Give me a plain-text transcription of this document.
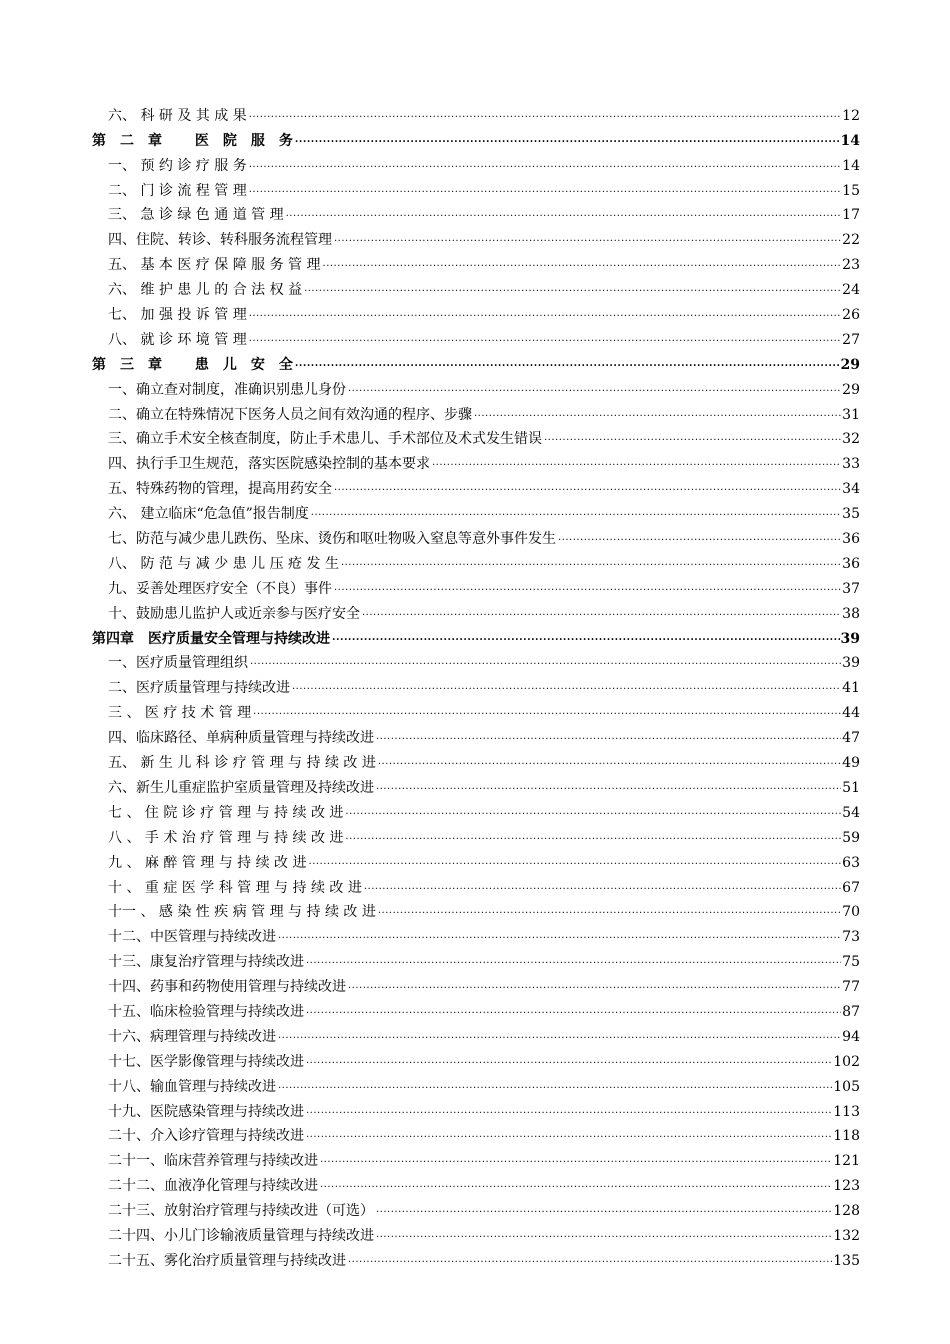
六、 科 研 及 其 成 果 .....	12
第　二　章　　 医　院　服　务 .....	14
一、 预 约 诊 疗 服 务 .....	14
二、 门 诊 流 程 管 理 .....	15
三、 急 诊 绿 色 通 道 管 理 .....	17
四、住院、转诊、转科服务流程管理 .....	22
五、 基 本 医 疗 保 障 服 务 管 理 .....	23
六、 维 护 患 儿 的 合 法 权 益 .....	24
七、 加 强 投 诉 管 理 .....	26
八、 就 诊 环 境 管 理 .....	27
第　三　章　　 患　儿　安　全 .....	29
一、确立查对制度，准确识别患儿身份 .....	29
二、确立在特殊情况下医务人员之间有效沟通的程序、步骤 .....	31
三、确立手术安全核查制度，防止手术患儿、手术部位及术式发生错误 .....	32
四、执行手卫生规范，落实医院感染控制的基本要求 .....	33
五、特殊药物的管理，提高用药安全 .....	34
六、 建立临床“危急值”报告制度 .....	35
七、防范与减少患儿跌伤、坠床、烫伤和呕吐物吸入窒息等意外事件发生 .....	36
八、 防 范 与 减 少 患 儿 压 疮 发 生 .....	36
九、妥善处理医疗安全（不良）事件 .....	37
十、鼓励患儿监护人或近亲参与医疗安全 .....	38
第四章　医疗质量安全管理与持续改进 .....	39
一、医疗质量管理组织 .....	39
二、医疗质量管理与持续改进 .....	41
三 、 医 疗 技 术 管 理 .....	44
四、临床路径、单病种质量管理与持续改进 .....	47
五、 新 生 儿 科 诊 疗 管 理 与 持 续 改 进 .....	49
六、新生儿重症监护室质量管理及持续改进 .....	51
七 、 住 院 诊 疗 管 理 与 持 续 改 进 .....	54
八 、 手 术 治 疗 管 理 与 持 续 改 进 .....	59
九 、 麻 醉 管 理 与 持 续 改 进 .....	63
十 、 重 症 医 学 科 管 理 与 持 续 改 进 .....	67
十一 、 感 染 性 疾 病 管 理 与 持 续 改 进 .....	70
十二、中医管理与持续改进 .....	73
十三、康复治疗管理与持续改进 .....	75
十四、药事和药物使用管理与持续改进 .....	77
十五、临床检验管理与持续改进 .....	87
十六、病理管理与持续改进 .....	94
十七、医学影像管理与持续改进 .....	102
十八、输血管理与持续改进 .....	105
十九、医院感染管理与持续改进 .....	113
二十、介入诊疗管理与持续改进 .....	118
二十一、临床营养管理与持续改进 .....	121
二十二、血液净化管理与持续改进 .....	123
二十三、放射治疗管理与持续改进（可选） .....	128
二十四、小儿门诊输液质量管理与持续改进 .....	132
二十五、雾化治疗质量管理与持续改进 .....	135
